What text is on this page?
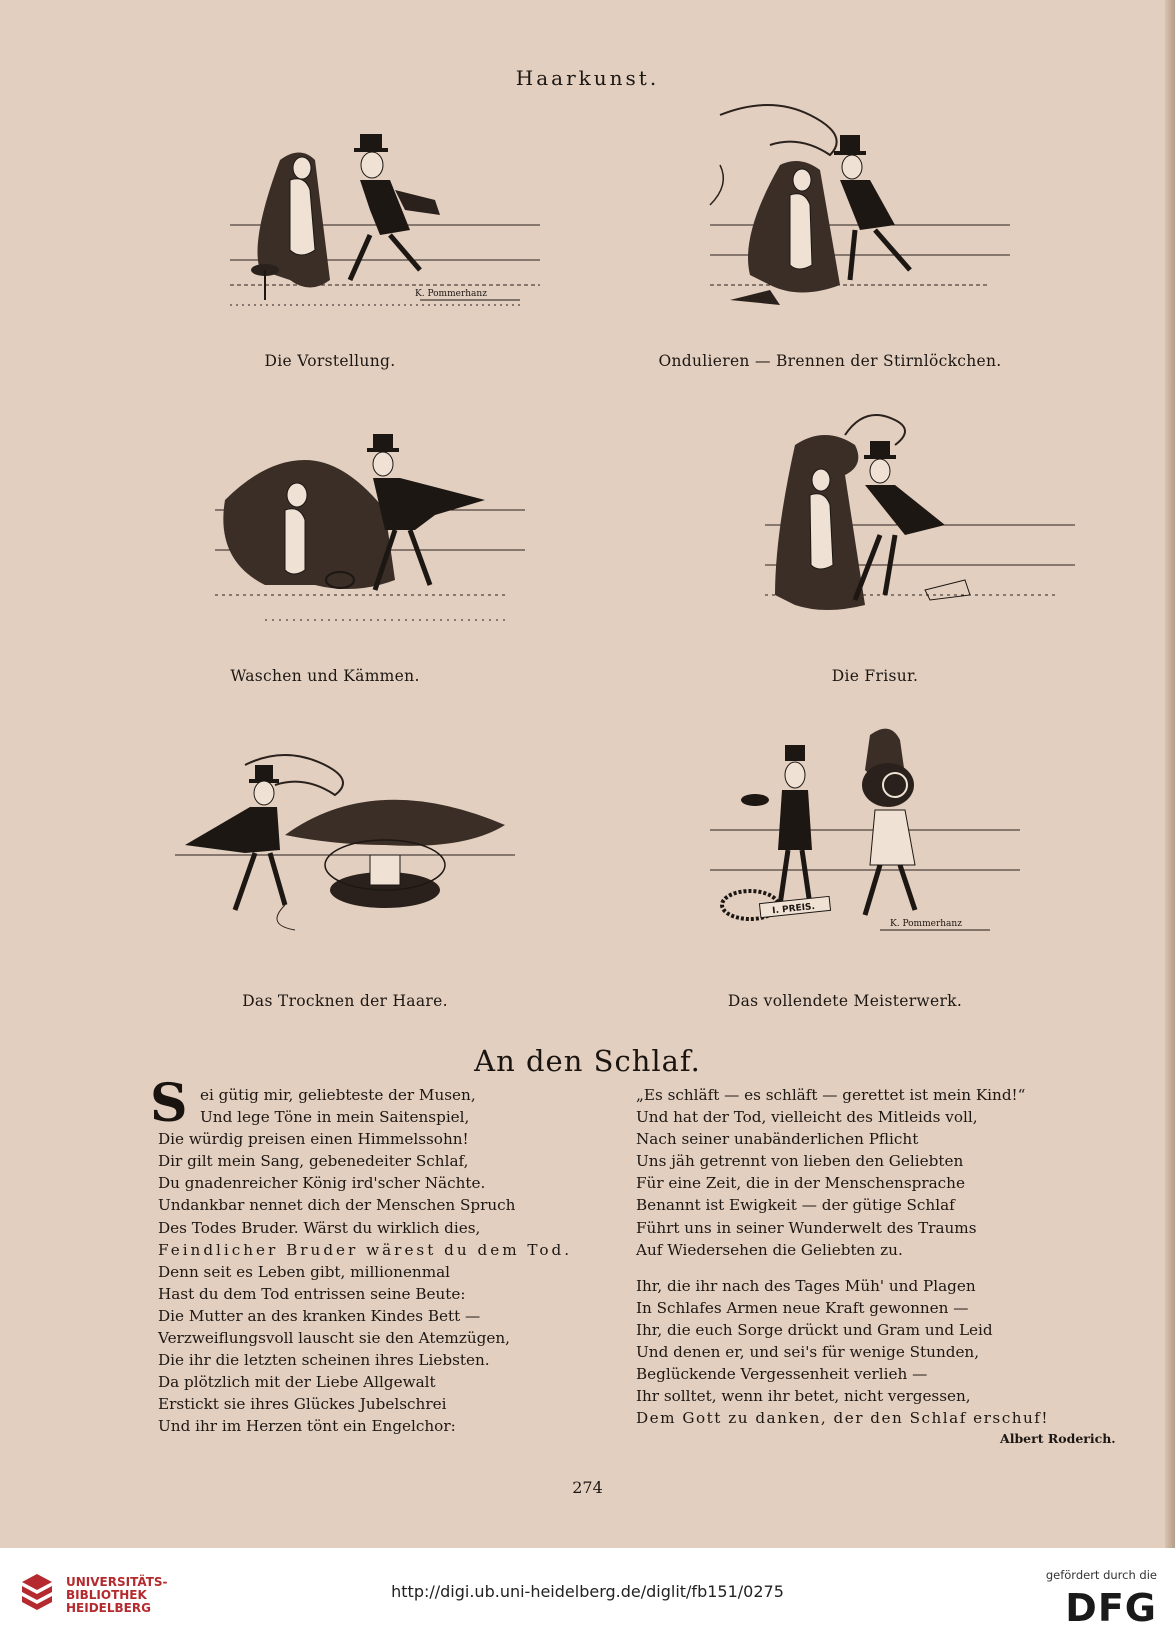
Haarkunst.
K. Pommerhanz
Die Vorstellung.	Ondulieren — Brennen der Stirnlöckchen.
Waschen und Kämmen.	Die Frisur.
Das Trocknen der Haare.
I. PREIS.
K. Pommerhanz
Das vollendete Meisterwerk.
An den Schlaf.
S ei gütig mir, geliebteste der Musen,
Und lege Töne in mein Saitenspiel,
Die würdig preisen einen Himmelssohn!
Dir gilt mein Sang, gebenedeiter Schlaf,
Du gnadenreicher König ird'scher Nächte.
Undankbar nennet dich der Menschen Spruch
Des Todes Bruder. Wärst du wirklich dies,
Feindlicher Bruder wärest du dem Tod.
Denn seit es Leben gibt, millionenmal
Hast du dem Tod entrissen seine Beute:
Die Mutter an des kranken Kindes Bett —
Verzweiflungsvoll lauscht sie den Atemzügen,
Die ihr die letzten scheinen ihres Liebsten.
Da plötzlich mit der Liebe Allgewalt
Erstickt sie ihres Glückes Jubelschrei
Und ihr im Herzen tönt ein Engelchor:
„Es schläft — es schläft — gerettet ist mein Kind!“
Und hat der Tod, vielleicht des Mitleids voll,
Nach seiner unabänderlichen Pflicht
Uns jäh getrennt von lieben den Geliebten
Für eine Zeit, die in der Menschensprache
Benannt ist Ewigkeit — der gütige Schlaf
Führt uns in seiner Wunderwelt des Traums
Auf Wiedersehen die Geliebten zu.
Ihr, die ihr nach des Tages Müh' und Plagen
In Schlafes Armen neue Kraft gewonnen —
Ihr, die euch Sorge drückt und Gram und Leid
Und denen er, und sei's für wenige Stunden,
Beglückende Vergessenheit verlieh —
Ihr solltet, wenn ihr betet, nicht vergessen,
Dem Gott zu danken, der den Schlaf erschuf!
Albert Roderich.
274
UNIVERSITÄTS-
BIBLIOTHEK
HEIDELBERG
http://digi.ub.uni-heidelberg.de/diglit/fb151/0275
gefördert durch die
DFG
